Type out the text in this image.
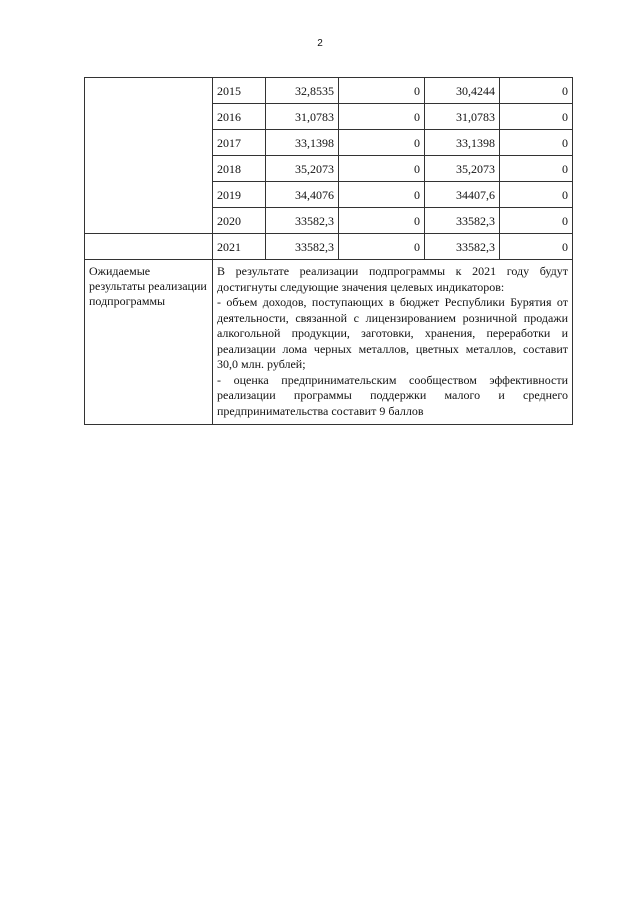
2
	2015	32,8535	0	30,4244	0
	2016	31,0783	0	31,0783	0
	2017	33,1398	0	33,1398	0
	2018	35,2073	0	35,2073	0
	2019	34,4076	0	34407,6	0
	2020	33582,3	0	33582,3	0
	2021	33582,3	0	33582,3	0
Ожидаемые результаты реализации подпрограммы	В результате реализации подпрограммы к 2021 году будут достигнуты следующие значения целевых индикаторов:

- объем доходов, поступающих в бюджет Республики Бурятия от деятельности, связанной с лицензированием розничной продажи алкогольной продукции, заготовки, хранения, переработки и реализации лома черных металлов, цветных металлов, составит 30,0 млн. рублей;

- оценка предпринимательским сообществом эффективности реализации программы поддержки малого и среднего предпринимательства составит 9 баллов				
